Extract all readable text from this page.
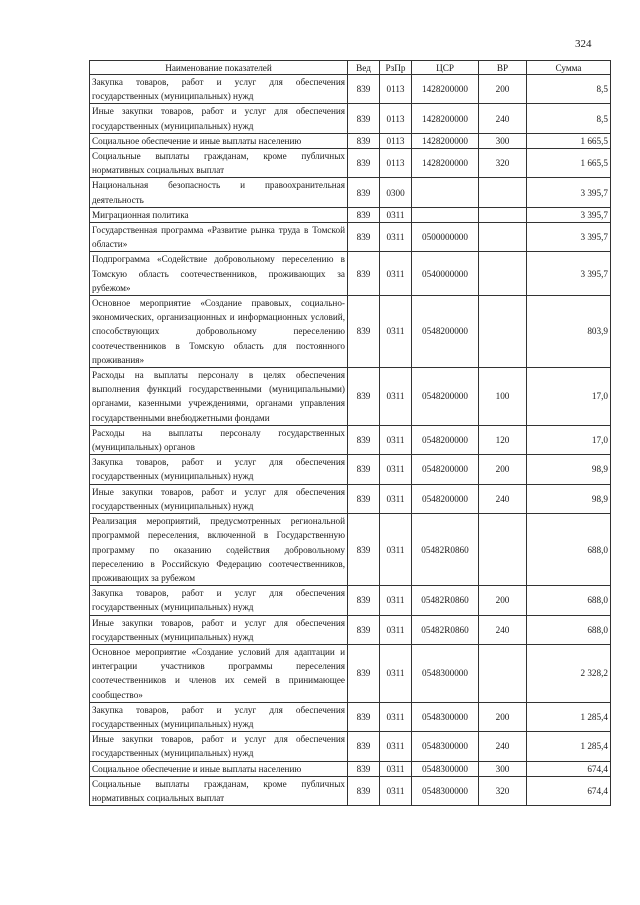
324
Наименование показателей	Вед	РзПр	ЦСР	ВР	Сумма
Закупка товаров, работ и услуг для обеспечения государственных (муниципальных) нужд	839	0113	1428200000	200	8,5
Иные закупки товаров, работ и услуг для обеспечения государственных (муниципальных) нужд	839	0113	1428200000	240	8,5
Социальное обеспечение и иные выплаты населению	839	0113	1428200000	300	1 665,5
Социальные выплаты гражданам, кроме публичных нормативных социальных выплат	839	0113	1428200000	320	1 665,5
Национальная безопасность и правоохранительная деятельность	839	0300			3 395,7
Миграционная политика	839	0311			3 395,7
Государственная программа «Развитие рынка труда в Томской области»	839	0311	0500000000		3 395,7
Подпрограмма «Содействие добровольному переселению в Томскую область соотечественников, проживающих за рубежом»	839	0311	0540000000		3 395,7
Основное мероприятие «Создание правовых, социально-экономических, организационных и информационных условий, способствующих добровольному переселению соотечественников в Томскую область для постоянного проживания»	839	0311	0548200000		803,9
Расходы на выплаты персоналу в целях обеспечения выполнения функций государственными (муниципальными) органами, казенными учреждениями, органами управления государственными внебюджетными фондами	839	0311	0548200000	100	17,0
Расходы на выплаты персоналу государственных (муниципальных) органов	839	0311	0548200000	120	17,0
Закупка товаров, работ и услуг для обеспечения государственных (муниципальных) нужд	839	0311	0548200000	200	98,9
Иные закупки товаров, работ и услуг для обеспечения государственных (муниципальных) нужд	839	0311	0548200000	240	98,9
Реализация мероприятий, предусмотренных региональной программой переселения, включенной в Государственную программу по оказанию содействия добровольному переселению в Российскую Федерацию соотечественников, проживающих за рубежом	839	0311	05482R0860		688,0
Закупка товаров, работ и услуг для обеспечения государственных (муниципальных) нужд	839	0311	05482R0860	200	688,0
Иные закупки товаров, работ и услуг для обеспечения государственных (муниципальных) нужд	839	0311	05482R0860	240	688,0
Основное мероприятие «Создание условий для адаптации и интеграции участников программы переселения соотечественников и членов их семей в принимающее сообщество»	839	0311	0548300000		2 328,2
Закупка товаров, работ и услуг для обеспечения государственных (муниципальных) нужд	839	0311	0548300000	200	1 285,4
Иные закупки товаров, работ и услуг для обеспечения государственных (муниципальных) нужд	839	0311	0548300000	240	1 285,4
Социальное обеспечение и иные выплаты населению	839	0311	0548300000	300	674,4
Социальные выплаты гражданам, кроме публичных нормативных социальных выплат	839	0311	0548300000	320	674,4
